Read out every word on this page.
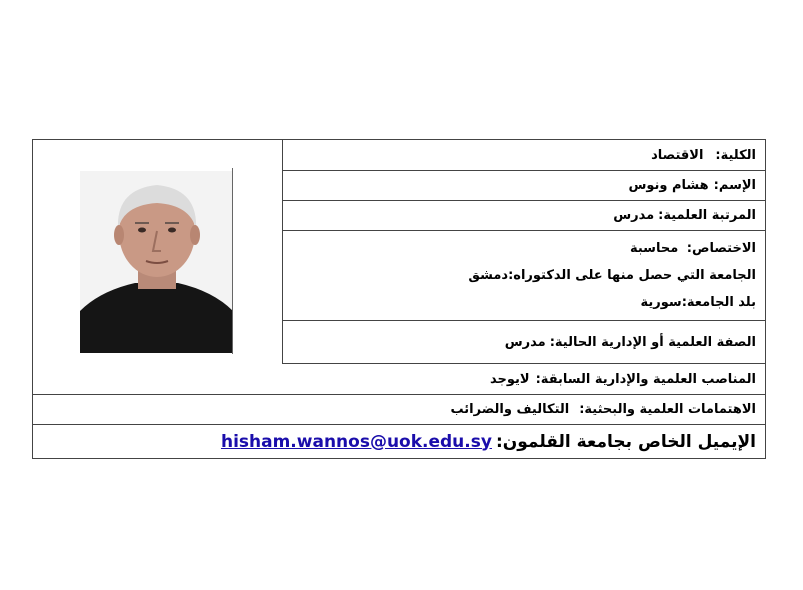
الكلية:
الاقتصاد
الإسم:
هشام ونوس
المرتبة العلمية:
مدرس
الاختصاص: محاسبة
الجامعة التي حصل منها على الدكتوراه:دمشق
بلد الجامعة:سورية
الصفة العلمية أو الإدارية الحالية:
مدرس
المناصب العلمية والإدارية السابقة:
لايوجد
الاهتمامات العلمية والبحثية:
التكاليف والضرائب
الإيميل الخاص بجامعة القلمون:
hisham.wannos@uok.edu.sy
